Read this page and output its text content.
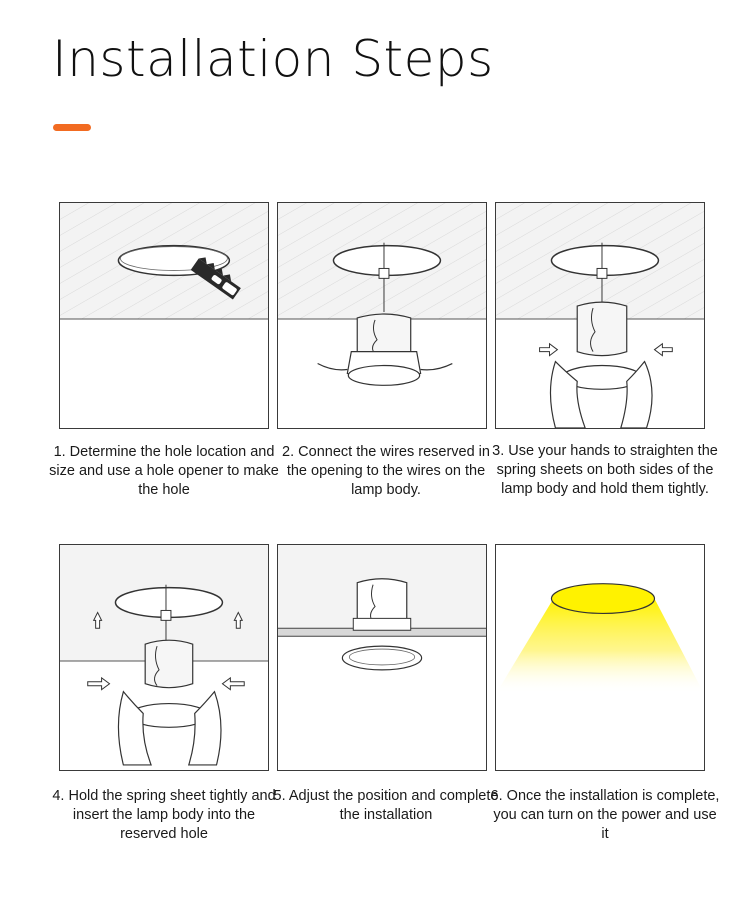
Installation Steps
1. Determine the hole location and size and use a hole opener to make the hole
2. Connect the wires reserved in the opening to the wires on the lamp body.
3. Use your hands to straighten the spring sheets on both sides of the lamp body and hold them tightly.
4. Hold the spring sheet tightly and insert the lamp body into the reserved hole
5. Adjust the position and complete the installation
6. Once the installation is complete, you can turn on the power and use it
